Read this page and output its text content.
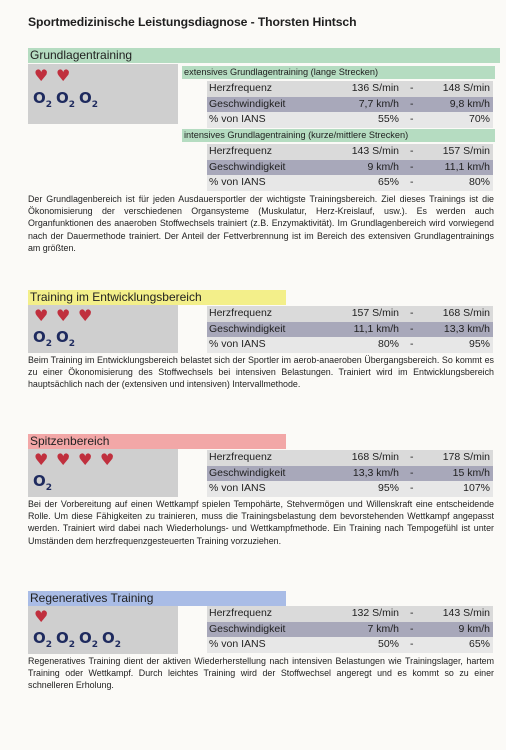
Sportmedizinische Leistungsdiagnose - Thorsten Hintsch
Grundlagentraining
♥ ♥
$O_2$ $O_2$ $O_2$
extensives Grundlagentraining (lange Strecken)
Herzfrequenz	136 S/min -	148 S/min
Geschwindigkeit	7,7 km/h -	9,8 km/h
% von IANS	55% -	70%
intensives Grundlagentraining (kurze/mittlere Strecken)
Herzfrequenz	143 S/min -	157 S/min
Geschwindigkeit	9 km/h -	11,1 km/h
% von IANS	65% -	80%
Der Grundlagenbereich ist für jeden Ausdauersportler der wichtigste Trainingsbereich. Ziel dieses Trainings ist die Ökonomisierung der verschiedenen Organsysteme (Muskulatur, Herz-Kreislauf, usw.). Es werden auch Organfunktionen des anaeroben Stoffwechsels trainiert (z.B. Enzymaktivität). Im Grundlagenbereich wird vorwiegend nach der Dauermethode trainiert. Der Anteil der Fettverbrennung ist im Bereich des extensiven Grundlagentrainings am größten.
Training im Entwicklungsbereich
♥ ♥ ♥
$O_2$ $O_2$
Herzfrequenz	157 S/min -	168 S/min
Geschwindigkeit	11,1 km/h -	13,3 km/h
% von IANS	80% -	95%
Beim Training im Entwicklungsbereich belastet sich der Sportler im aerob-anaeroben Übergangsbereich. So kommt es zu einer Ökonomisierung des Stoffwechsels bei intensiven Belastungen. Trainiert wird im Entwicklungsbereich hauptsächlich nach der (extensiven und intensiven) Intervallmethode.
Spitzenbereich
♥ ♥ ♥ ♥
$O_2$
Herzfrequenz	168 S/min -	178 S/min
Geschwindigkeit	13,3 km/h -	15 km/h
% von IANS	95% -	107%
Bei der Vorbereitung auf einen Wettkampf spielen Tempohärte, Stehvermögen und Willenskraft eine entscheidende Rolle. Um diese Fähigkeiten zu trainieren, muss die Trainingsbelastung dem bevorstehenden Wettkampf angepasst werden. Trainiert wird dabei nach Wiederholungs- und Wettkampfmethode. Ein Training nach Tempogefühl ist unter Umständen dem herzfrequenzgesteuerten Training vorzuziehen.
Regeneratives Training
♥
$O_2$ $O_2$ $O_2$ $O_2$
Herzfrequenz	132 S/min -	143 S/min
Geschwindigkeit	7 km/h -	9 km/h
% von IANS	50% -	65%
Regeneratives Training dient der aktiven Wiederherstellung nach intensiven Belastungen wie Trainingslager, hartem Training oder Wettkampf. Durch leichtes Training wird der Stoffwechsel angeregt und es kommt so zu einer schnelleren Erholung.
